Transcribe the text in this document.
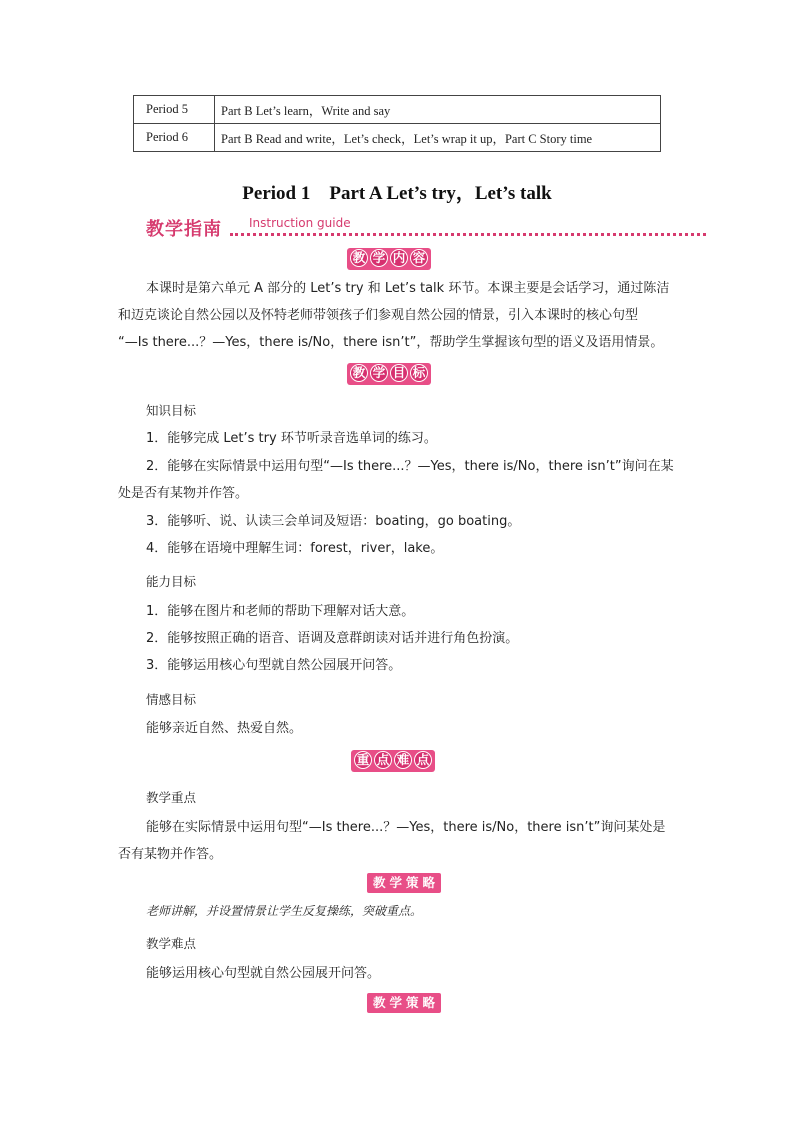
Period 5	Part B Let’s learn，Write and say
Period 6	Part B Read and write，Let’s check，Let’s wrap it up，Part C Story time
Period 1    Part A Let’s try，Let’s talk
教学指南 Instruction guide
教 学 内 容
本课时是第六单元 A 部分的 Let’s try 和 Let’s talk 环节。本课主要是会话学习，通过陈洁
和迈克谈论自然公园以及怀特老师带领孩子们参观自然公园的情景，引入本课时的核心句型
“—Is there...？—Yes，there is/No，there isn’t”，帮助学生掌握该句型的语义及语用情景。
教 学 目 标
知识目标
1．能够完成 Let’s try 环节听录音选单词的练习。
2．能够在实际情景中运用句型“—Is there...？—Yes，there is/No，there isn’t”询问在某
处是否有某物并作答。
3．能够听、说、认读三会单词及短语：boating，go boating。
4．能够在语境中理解生词：forest，river，lake。
能力目标
1．能够在图片和老师的帮助下理解对话大意。
2．能够按照正确的语音、语调及意群朗读对话并进行角色扮演。
3．能够运用核心句型就自然公园展开问答。
情感目标
能够亲近自然、热爱自然。
重 点 难 点
教学重点
能够在实际情景中运用句型“—Is there...？—Yes，there is/No，there isn’t”询问某处是
否有某物并作答。
教 学 策 略
老师讲解，并设置情景让学生反复操练，突破重点。
教学难点
能够运用核心句型就自然公园展开问答。
教 学 策 略
